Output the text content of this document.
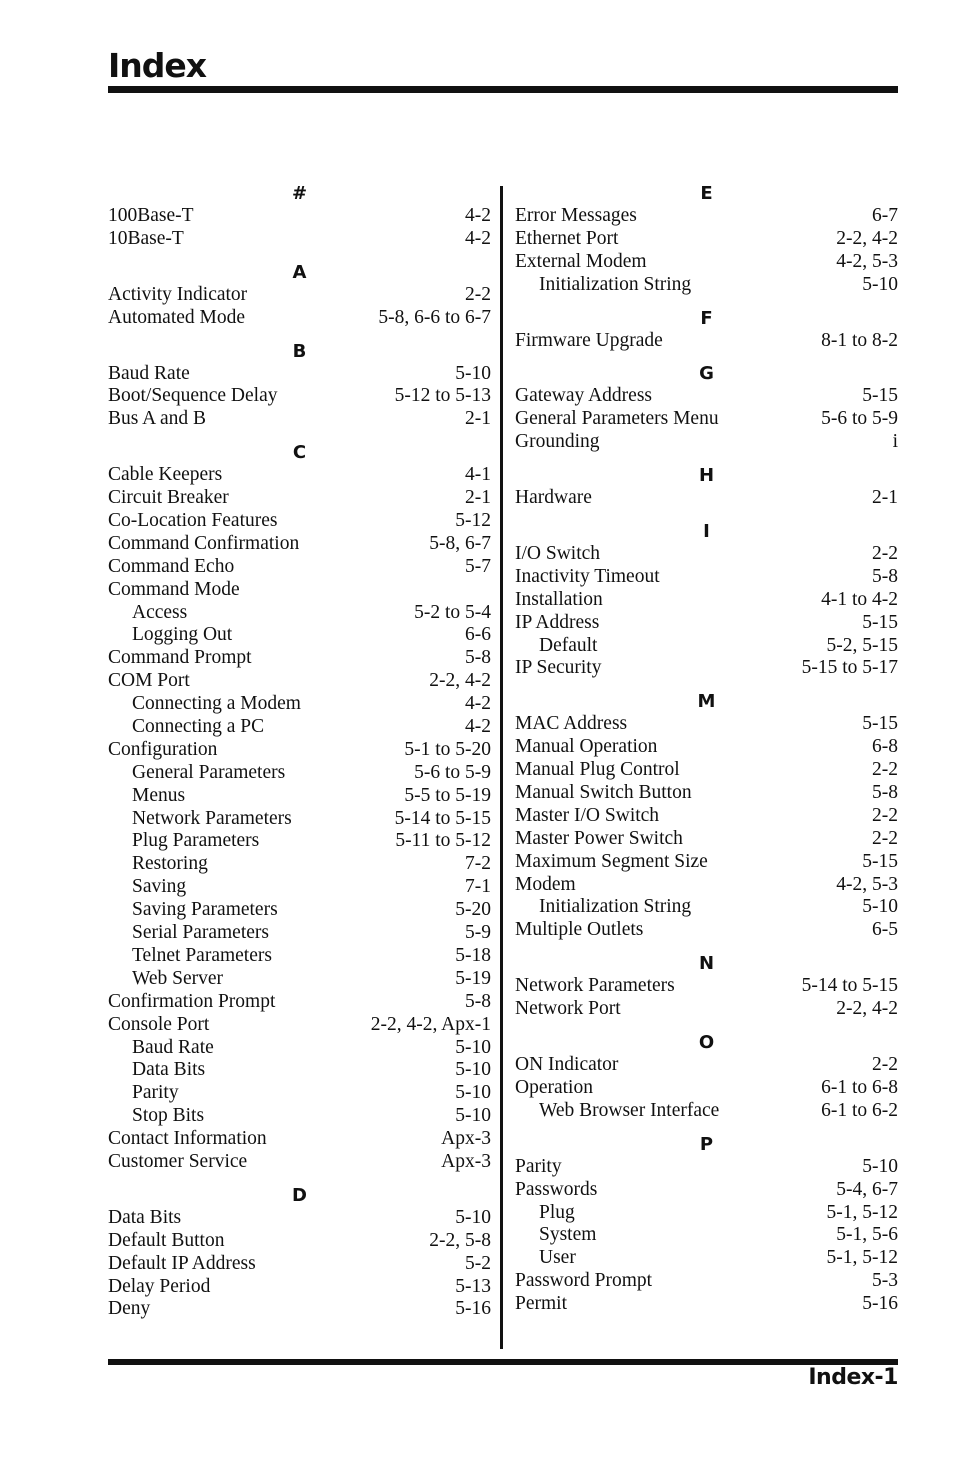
Index
#
100Base-T	4-2
10Base-T	4-2
A
Activity Indicator	2-2
Automated Mode	5-8, 6-6 to 6-7
B
Baud Rate	5-10
Boot/Sequence Delay	5-12 to 5-13
Bus A and B	2-1
C
Cable Keepers	4-1
Circuit Breaker	2-1
Co-Location Features	5-12
Command Confirmation	5-8, 6-7
Command Echo	5-7
Command Mode
Access	5-2 to 5-4
Logging Out	6-6
Command Prompt	5-8
COM Port	2-2, 4-2
Connecting a Modem	4-2
Connecting a PC	4-2
Configuration	5-1 to 5-20
General Parameters	5-6 to 5-9
Menus	5-5 to 5-19
Network Parameters	5-14 to 5-15
Plug Parameters	5-11 to 5-12
Restoring	7-2
Saving	7-1
Saving Parameters	5-20
Serial Parameters	5-9
Telnet Parameters	5-18
Web Server	5-19
Confirmation Prompt	5-8
Console Port	2-2, 4-2, Apx-1
Baud Rate	5-10
Data Bits	5-10
Parity	5-10
Stop Bits	5-10
Contact Information	Apx-3
Customer Service	Apx-3
D
Data Bits	5-10
Default Button	2-2, 5-8
Default IP Address	5-2
Delay Period	5-13
Deny	5-16
E
Error Messages	6-7
Ethernet Port	2-2, 4-2
External Modem	4-2, 5-3
Initialization String	5-10
F
Firmware Upgrade	8-1 to 8-2
G
Gateway Address	5-15
General Parameters Menu	5-6 to 5-9
Grounding	i
H
Hardware	2-1
I
I/O Switch	2-2
Inactivity Timeout	5-8
Installation	4-1 to 4-2
IP Address	5-15
Default	5-2, 5-15
IP Security	5-15 to 5-17
M
MAC Address	5-15
Manual Operation	6-8
Manual Plug Control	2-2
Manual Switch Button	5-8
Master I/O Switch	2-2
Master Power Switch	2-2
Maximum Segment Size	5-15
Modem	4-2, 5-3
Initialization String	5-10
Multiple Outlets	6-5
N
Network Parameters	5-14 to 5-15
Network Port	2-2, 4-2
O
ON Indicator	2-2
Operation	6-1 to 6-8
Web Browser Interface	6-1 to 6-2
P
Parity	5-10
Passwords	5-4, 6-7
Plug	5-1, 5-12
System	5-1, 5-6
User	5-1, 5-12
Password Prompt	5-3
Permit	5-16
Index-1
